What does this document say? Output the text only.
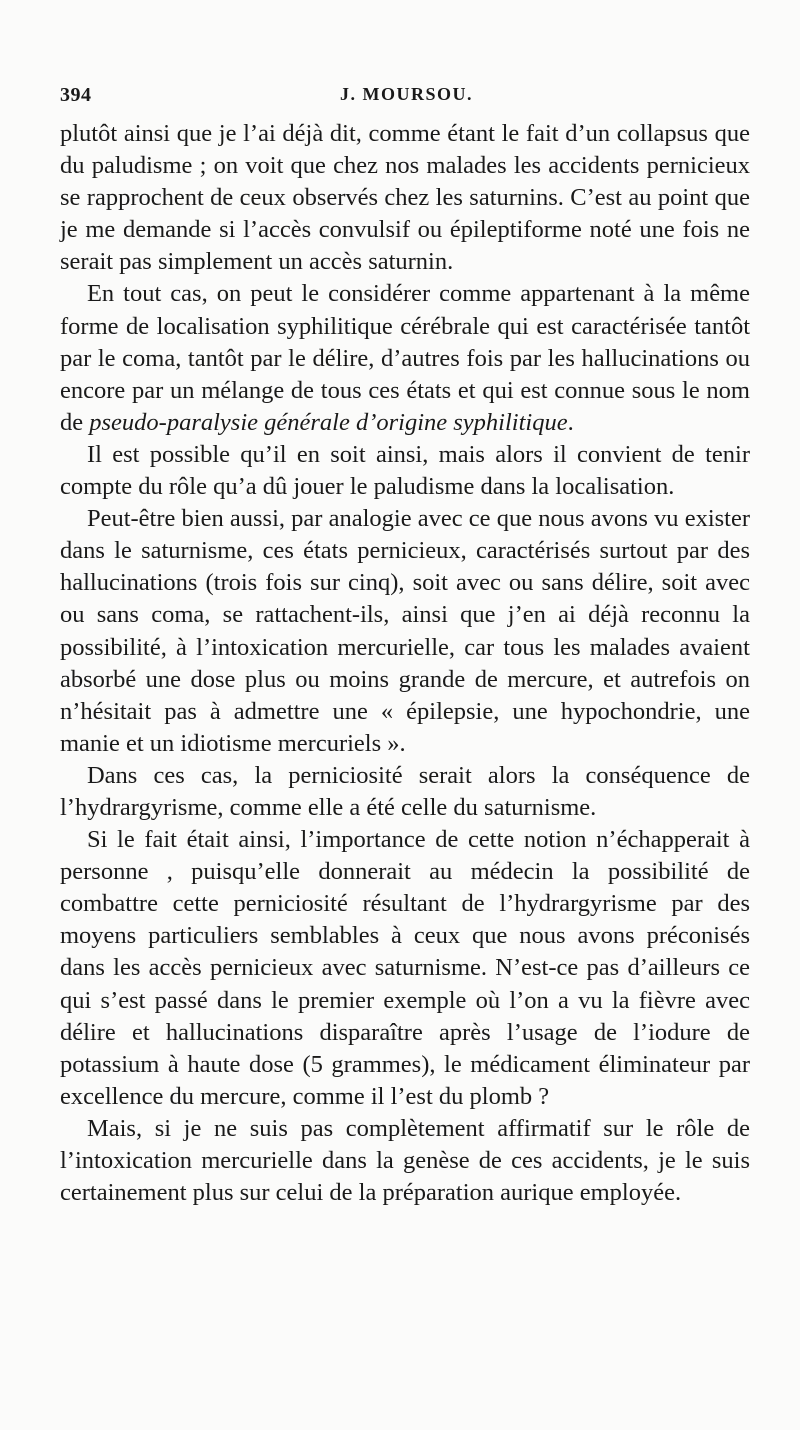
394	J. MOURSOU.

plutôt ainsi que je l’ai déjà dit, comme étant le fait d’un collapsus que du paludisme ; on voit que chez nos malades les accidents pernicieux se rapprochent de ceux observés chez les saturnins. C’est au point que je me demande si l’accès convulsif ou épileptiforme noté une fois ne serait pas simplement un accès saturnin.

En tout cas, on peut le considérer comme appartenant à la même forme de localisation syphilitique cérébrale qui est caractérisée tantôt par le coma, tantôt par le délire, d’autres fois par les hallucinations ou encore par un mélange de tous ces états et qui est connue sous le nom de pseudo-paralysie générale d’origine syphilitique.

Il est possible qu’il en soit ainsi, mais alors il convient de tenir compte du rôle qu’a dû jouer le paludisme dans la localisation.

Peut-être bien aussi, par analogie avec ce que nous avons vu exister dans le saturnisme, ces états pernicieux, caractérisés surtout par des hallucinations (trois fois sur cinq), soit avec ou sans délire, soit avec ou sans coma, se rattachent-ils, ainsi que j’en ai déjà reconnu la possibilité, à l’intoxication mercurielle, car tous les malades avaient absorbé une dose plus ou moins grande de mercure, et autrefois on n’hésitait pas à admettre une « épilepsie, une hypochondrie, une manie et un idiotisme mercuriels ».

Dans ces cas, la perniciosité serait alors la conséquence de l’hydrargyrisme, comme elle a été celle du saturnisme.

Si le fait était ainsi, l’importance de cette notion n’échapperait à personne , puisqu’elle donnerait au médecin la possibilité de combattre cette perniciosité résultant de l’hydrargyrisme par des moyens particuliers semblables à ceux que nous avons préconisés dans les accès pernicieux avec saturnisme. N’est-ce pas d’ailleurs ce qui s’est passé dans le premier exemple où l’on a vu la fièvre avec délire et hallucinations disparaître après l’usage de l’iodure de potassium à haute dose (5 grammes), le médicament éliminateur par excellence du mercure, comme il l’est du plomb ?

Mais, si je ne suis pas complètement affirmatif sur le rôle de l’intoxication mercurielle dans la genèse de ces accidents, je le suis certainement plus sur celui de la préparation aurique employée.
